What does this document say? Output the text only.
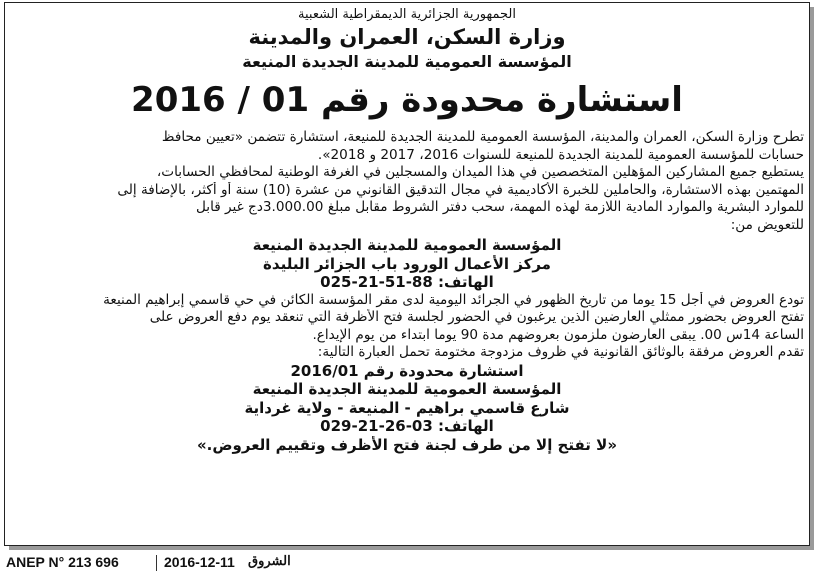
الجمهورية الجزائرية الديمقراطية الشعبية
وزارة السكن، العمران والمدينة
المؤسسة العمومية للمدينة الجديدة المنيعة
استشارة محدودة رقم 01 / 2016
تطرح وزارة السكن، العمران والمدينة، المؤسسة العمومية للمدينة الجديدة للمنيعة، استشارة تتضمن «تعيين محافظ
حسابات للمؤسسة العمومية للمدينة الجديدة للمنيعة للسنوات 2016، 2017 و 2018».
يستطيع جميع المشاركين المؤهلين المتخصصين في هذا الميدان والمسجلين في الغرفة الوطنية لمحافظي الحسابات،
المهتمين بهذه الاستشارة، والحاملين للخبرة الأكاديمية في مجال التدقيق القانوني من عشرة (10) سنة أو أكثر، بالإضافة إلى
للموارد البشرية والموارد المادية اللازمة لهذه المهمة، سحب دفتر الشروط مقابل مبلغ 3.000.00دج غير قابل
للتعويض من:
المؤسسة العمومية للمدينة الجديدة المنيعة
مركز الأعمال الورود باب الجزائر البليدة
الهاتف: 88-51-21-025
تودع العروض في أجل 15 يوما من تاريخ الظهور في الجرائد اليومية لدى مقر المؤسسة الكائن في حي قاسمي إبراهيم المنيعة
تفتح العروض بحضور ممثلي العارضين الذين يرغبون في الحضور لجلسة فتح الأظرفة التي تنعقد يوم دفع العروض على
الساعة 14س 00. يبقى العارضون ملزمون بعروضهم مدة 90 يوما ابتداء من يوم الإيداع.
تقدم العروض مرفقة بالوثائق القانونية في ظروف مزدوجة مختومة تحمل العبارة التالية:
استشارة محدودة رقم 2016/01
المؤسسة العمومية للمدينة الجديدة المنيعة
شارع قاسمي براهيم - المنيعة - ولاية غرداية
الهاتف: 03-26-21-029
«لا تفتح إلا من طرف لجنة فتح الأظرف وتقييم العروض.»
ANEP N° 213 696	2016-12-11 الشروق
